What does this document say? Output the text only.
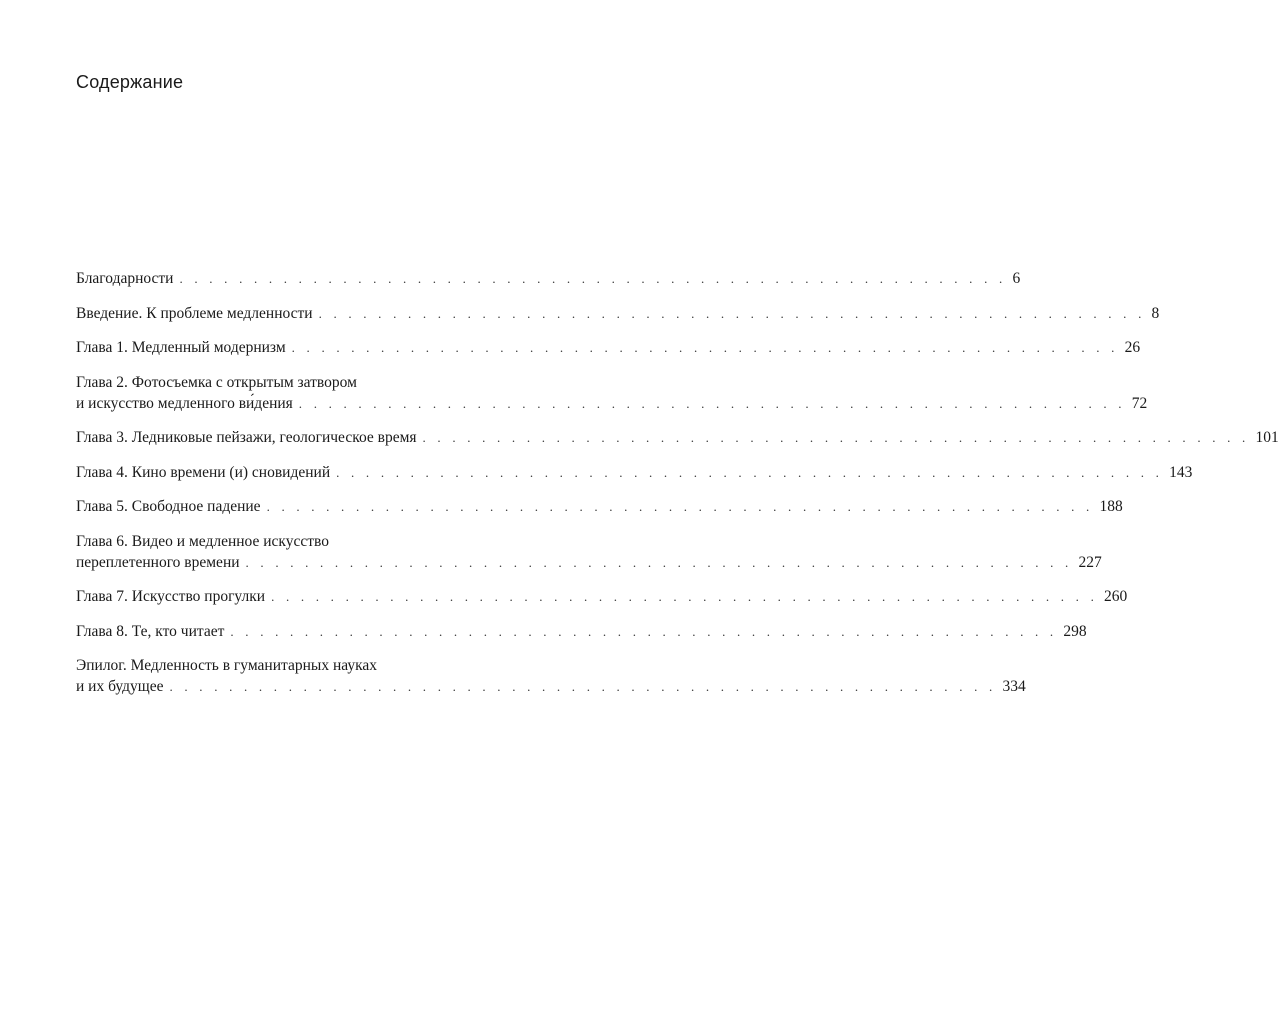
Содержание
Благодарности . . . . . . . . . . . . . . . . . . . . . . . . . . . . . . . . . . . . . . . . . . . . . . . . . . . . . . . . 6
Введение. К проблеме медленности . . . . . . . . . . . . . . . . . . . . . . . . . . . . . . . . . . . . . . . . . . . . . . . . . . . . . . . . 8
Глава 1. Медленный модернизм . . . . . . . . . . . . . . . . . . . . . . . . . . . . . . . . . . . . . . . . . . . . . . . . . . . . . . . . 26
Глава 2. Фотосъемка с открытым затвором
и искусство медленного ви́дения . . . . . . . . . . . . . . . . . . . . . . . . . . . . . . . . . . . . . . . . . . . . . . . . . . . . . . . . 72
Глава 3. Ледниковые пейзажи, геологическое время . . . . . . . . . . . . . . . . . . . . . . . . . . . . . . . . . . . . . . . . . . . . . . . . . . . . . . . . 101
Глава 4. Кино времени (и) сновидений . . . . . . . . . . . . . . . . . . . . . . . . . . . . . . . . . . . . . . . . . . . . . . . . . . . . . . . . 143
Глава 5. Свободное падение . . . . . . . . . . . . . . . . . . . . . . . . . . . . . . . . . . . . . . . . . . . . . . . . . . . . . . . . 188
Глава 6. Видео и медленное искусство
переплетенного времени . . . . . . . . . . . . . . . . . . . . . . . . . . . . . . . . . . . . . . . . . . . . . . . . . . . . . . . . 227
Глава 7. Искусство прогулки . . . . . . . . . . . . . . . . . . . . . . . . . . . . . . . . . . . . . . . . . . . . . . . . . . . . . . . . 260
Глава 8. Те, кто читает . . . . . . . . . . . . . . . . . . . . . . . . . . . . . . . . . . . . . . . . . . . . . . . . . . . . . . . . 298
Эпилог. Медленность в гуманитарных науках
и их будущее . . . . . . . . . . . . . . . . . . . . . . . . . . . . . . . . . . . . . . . . . . . . . . . . . . . . . . . . 334
